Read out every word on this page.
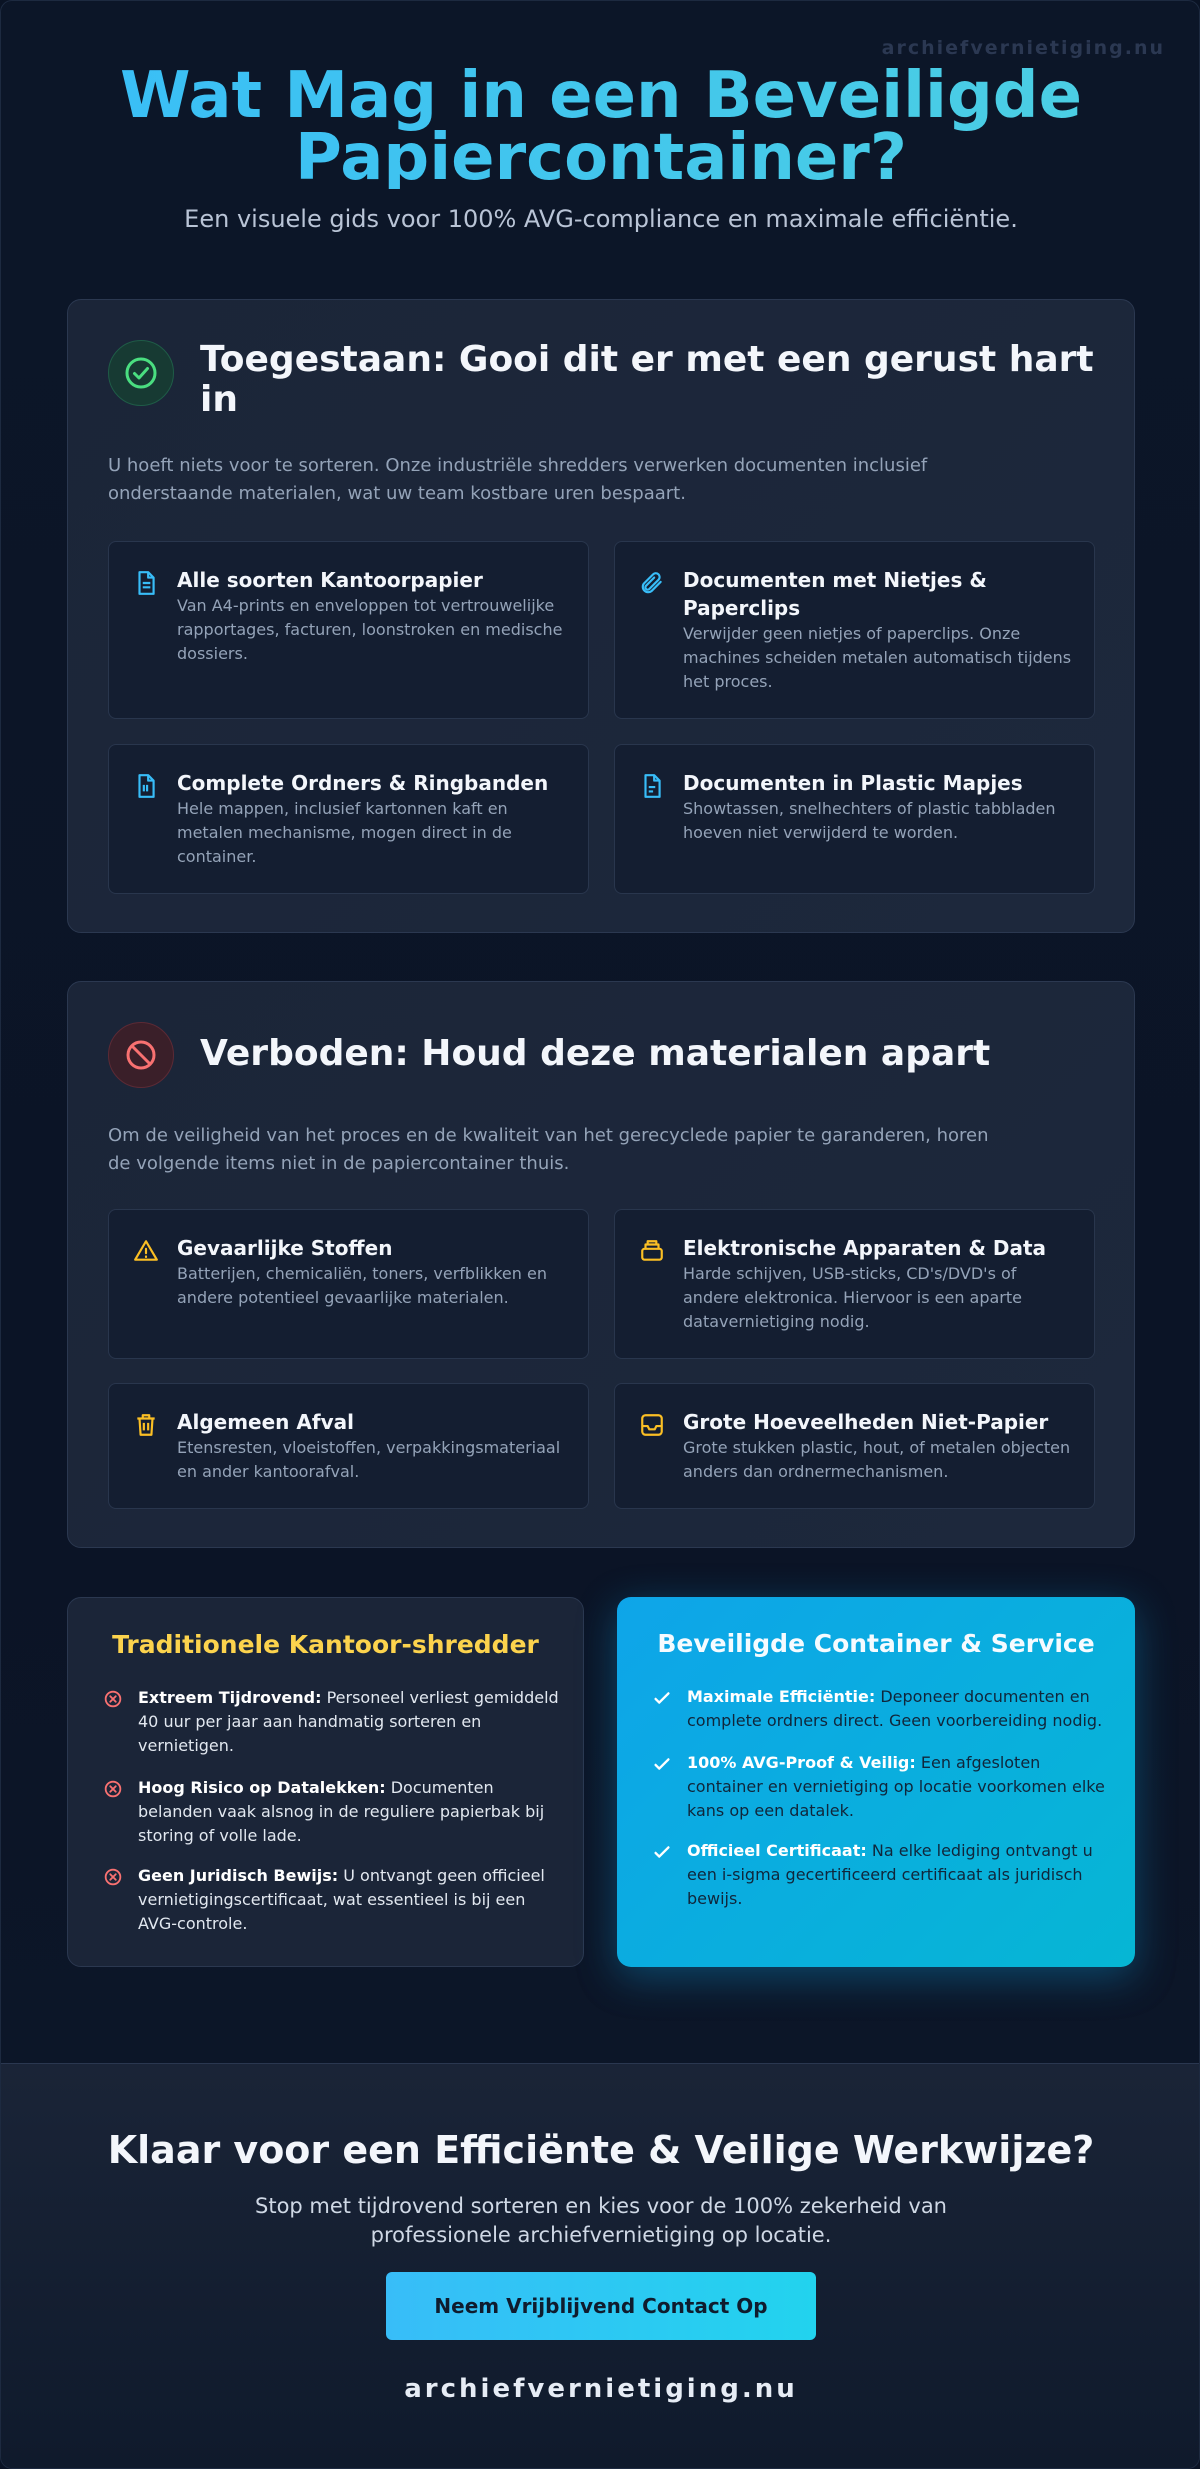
archiefvernietiging.nu
Wat Mag in een Beveiligde
Papiercontainer?

Een visuele gids voor 100% AVG-compliance en maximale efficiëntie.

Toegestaan: Gooi dit er met een gerust hart in

U hoeft niets voor te sorteren. Onze industriële shredders verwerken documenten inclusief onderstaande materialen, wat uw team kostbare uren bespaart.

Alle soorten Kantoorpapier
Van A4-prints en enveloppen tot vertrouwelijke rapportages, facturen, loonstroken en medische dossiers.
Documenten met Nietjes & Paperclips
Verwijder geen nietjes of paperclips. Onze machines scheiden metalen automatisch tijdens het proces.
Complete Ordners & Ringbanden
Hele mappen, inclusief kartonnen kaft en metalen mechanisme, mogen direct in de container.
Documenten in Plastic Mapjes
Showtassen, snelhechters of plastic tabbladen hoeven niet verwijderd te worden.
Verboden: Houd deze materialen apart

Om de veiligheid van het proces en de kwaliteit van het gerecyclede papier te garanderen, horen de volgende items niet in de papiercontainer thuis.

Gevaarlijke Stoffen
Batterijen, chemicaliën, toners, verfblikken en andere potentieel gevaarlijke materialen.
Elektronische Apparaten & Data
Harde schijven, USB-sticks, CD's/DVD's of andere elektronica. Hiervoor is een aparte datavernietiging nodig.
Algemeen Afval
Etensresten, vloeistoffen, verpakkingsmateriaal en ander kantoorafval.
Grote Hoeveelheden Niet-Papier
Grote stukken plastic, hout, of metalen objecten anders dan ordnermechanismen.
Traditionele Kantoor-shredder

Extreem Tijdrovend: Personeel verliest gemiddeld 40 uur per jaar aan handmatig sorteren en vernietigen.

Hoog Risico op Datalekken: Documenten belanden vaak alsnog in de reguliere papierbak bij storing of volle lade.

Geen Juridisch Bewijs: U ontvangt geen officieel vernietigingscertificaat, wat essentieel is bij een AVG-controle.

Beveiligde Container & Service

Maximale Efficiëntie: Deponeer documenten en complete ordners direct. Geen voorbereiding nodig.

100% AVG-Proof & Veilig: Een afgesloten container en vernietiging op locatie voorkomen elke kans op een datalek.

Officieel Certificaat: Na elke lediging ontvangt u een i-sigma gecertificeerd certificaat als juridisch bewijs.

Klaar voor een Efficiënte & Veilige Werkwijze?

Stop met tijdrovend sorteren en kies voor de 100% zekerheid van professionele archiefvernietiging op locatie.

Neem Vrijblijvend Contact Op
archiefvernietiging.nu
